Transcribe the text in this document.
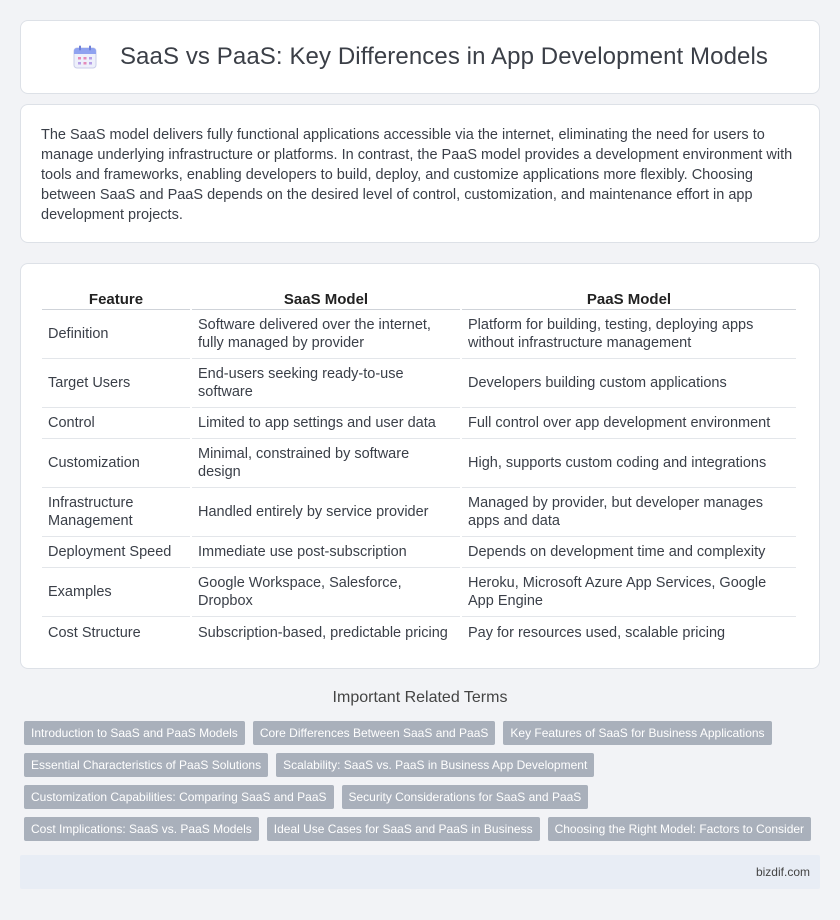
SaaS vs PaaS: Key Differences in App Development Models

The SaaS model delivers fully functional applications accessible via the internet, eliminating the need for users to manage underlying infrastructure or platforms. In contrast, the PaaS model provides a development environment with tools and frameworks, enabling developers to build, deploy, and customize applications more flexibly. Choosing between SaaS and PaaS depends on the desired level of control, customization, and maintenance effort in app development projects.

Feature	SaaS Model	PaaS Model
Definition	Software delivered over the internet, fully managed by provider	Platform for building, testing, deploying apps without infrastructure management
Target Users	End-users seeking ready-to-use software	Developers building custom applications
Control	Limited to app settings and user data	Full control over app development environment
Customization	Minimal, constrained by software design	High, supports custom coding and integrations
Infrastructure Management	Handled entirely by service provider	Managed by provider, but developer manages apps and data
Deployment Speed	Immediate use post-subscription	Depends on development time and complexity
Examples	Google Workspace, Salesforce, Dropbox	Heroku, Microsoft Azure App Services, Google App Engine
Cost Structure	Subscription-based, predictable pricing	Pay for resources used, scalable pricing
Important Related Terms
Introduction to SaaS and PaaS Models	Core Differences Between SaaS and PaaS	Key Features of SaaS for Business Applications
Essential Characteristics of PaaS Solutions	Scalability: SaaS vs. PaaS in Business App Development
Customization Capabilities: Comparing SaaS and PaaS	Security Considerations for SaaS and PaaS
Cost Implications: SaaS vs. PaaS Models	Ideal Use Cases for SaaS and PaaS in Business	Choosing the Right Model: Factors to Consider
bizdif.com
